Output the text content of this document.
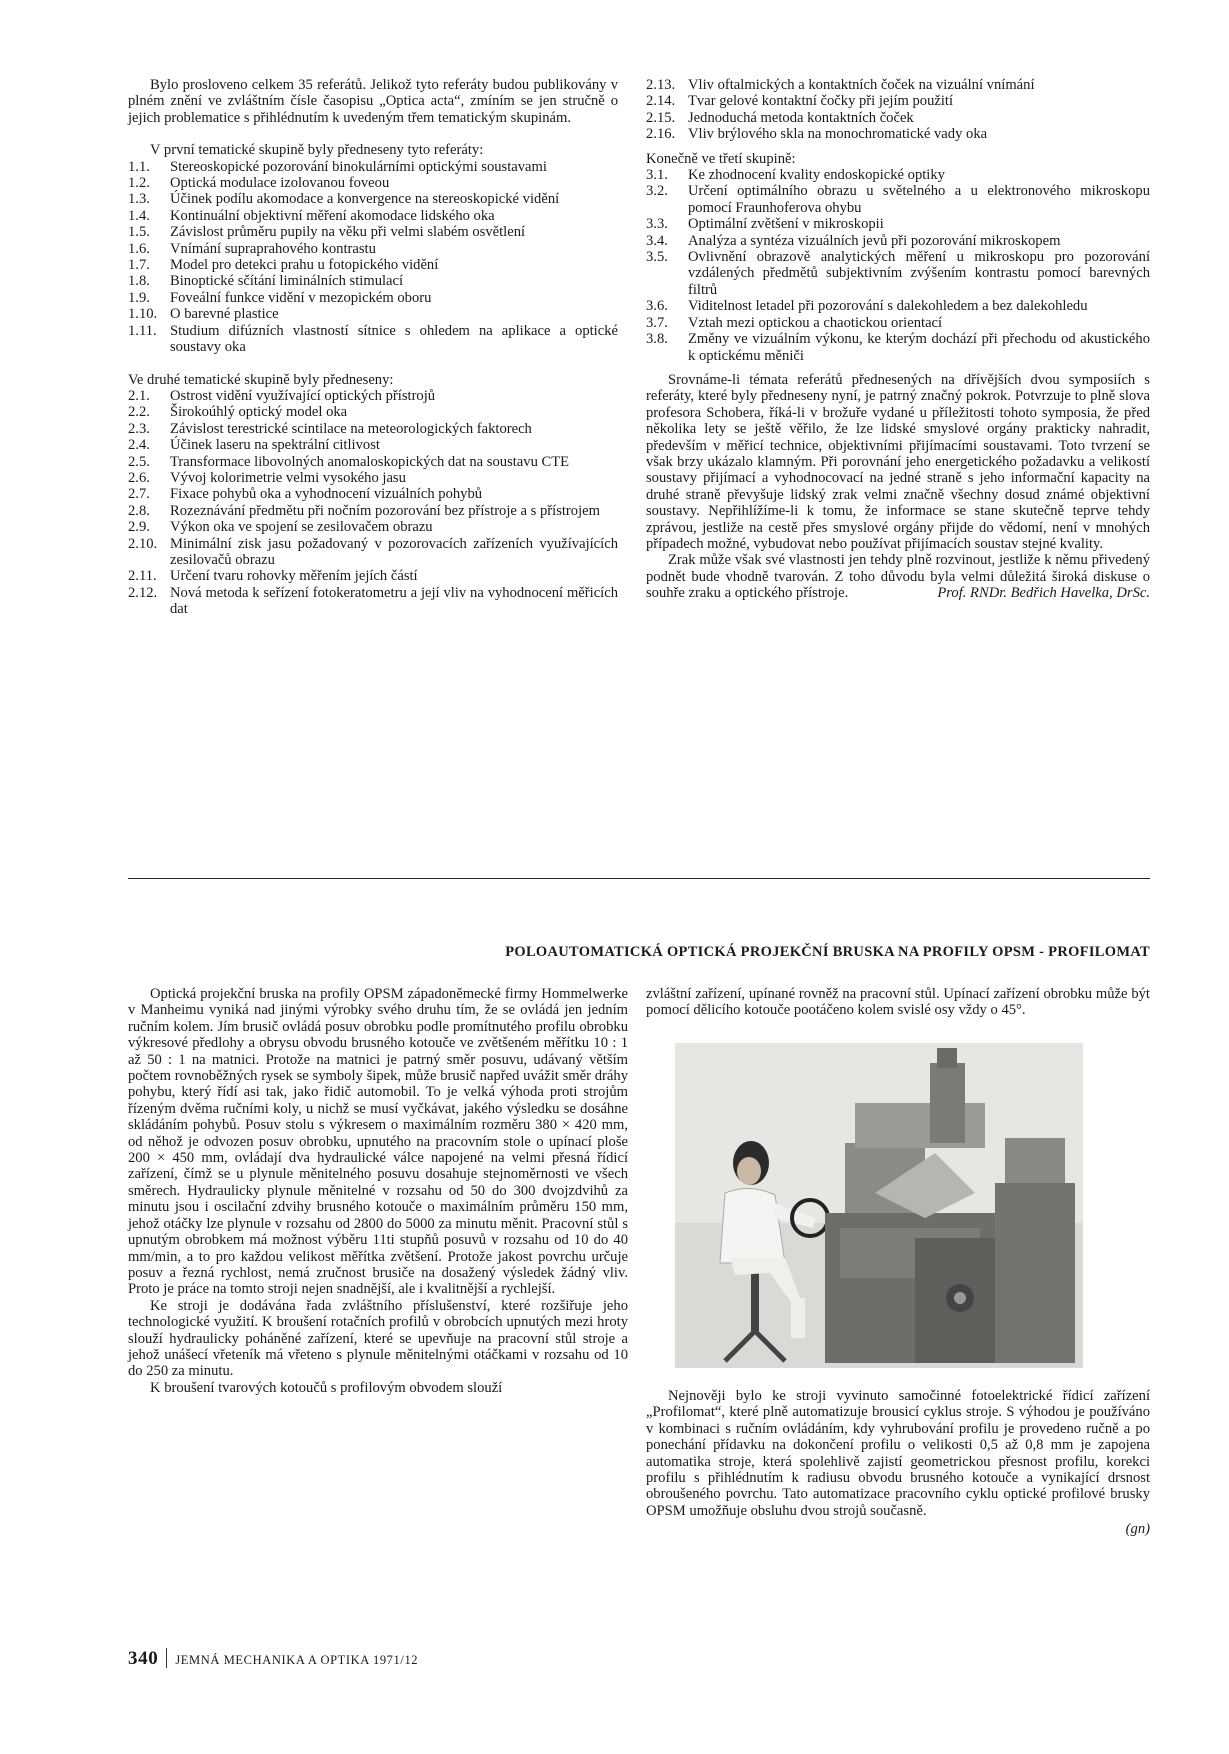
Bylo prosloveno celkem 35 referátů. Jelikož tyto referáty budou publikovány v plném znění ve zvláštním čísle časopisu „Optica acta“, zmíním se jen stručně o jejich problematice s přihlédnutím k uvedeným třem tematickým skupinám.

V první tematické skupině byly předneseny tyto referáty:

1.1.	Stereoskopické pozorování binokulárními optickými soustavami
1.2.	Optická modulace izolovanou foveou
1.3.	Účinek podílu akomodace a konvergence na stereoskopické vidění
1.4.	Kontinuální objektivní měření akomodace lidského oka
1.5.	Závislost průměru pupily na věku při velmi slabém osvětlení
1.6.	Vnímání supraprahového kontrastu
1.7.	Model pro detekci prahu u fotopického vidění
1.8.	Binoptické sčítání liminálních stimulací
1.9.	Foveální funkce vidění v mezopickém oboru
1.10. O barevné plastice
1.11. Studium difúzních vlastností sítnice s ohledem na aplikace a optické soustavy oka

Ve druhé tematické skupině byly předneseny:

2.1.	Ostrost vidění využívající optických přístrojů
2.2.	Širokoúhlý optický model oka
2.3.	Závislost terestrické scintilace na meteorologických faktorech
2.4.	Účinek laseru na spektrální citlivost
2.5.	Transformace libovolných anomaloskopických dat na soustavu CTE
2.6.	Vývoj kolorimetrie velmi vysokého jasu
2.7.	Fixace pohybů oka a vyhodnocení vizuálních pohybů
2.8.	Rozeznávání předmětu při nočním pozorování bez přístroje a s přístrojem
2.9.	Výkon oka ve spojení se zesilovačem obrazu
2.10. Minimální zisk jasu požadovaný v pozorovacích zařízeních využívajících zesilovačů obrazu
2.11. Určení tvaru rohovky měřením jejích částí
2.12. Nová metoda k seřízení fotokeratometru a její vliv na vyhodnocení měřicích dat
2.13. Vliv oftalmických a kontaktních čoček na vizuální vnímání
2.14. Tvar gelové kontaktní čočky při jejím použití
2.15. Jednoduchá metoda kontaktních čoček
2.16. Vliv brýlového skla na monochromatické vady oka

Konečně ve třetí skupině:

3.1.	Ke zhodnocení kvality endoskopické optiky
3.2.	Určení optimálního obrazu u světelného a u elektronového mikroskopu pomocí Fraunhoferova ohybu
3.3.	Optimální zvětšení v mikroskopii
3.4.	Analýza a syntéza vizuálních jevů při pozorování mikroskopem
3.5.	Ovlivnění obrazově analytických měření u mikroskopu pro pozorování vzdálených předmětů subjektivním zvýšením kontrastu pomocí barevných filtrů
3.6.	Viditelnost letadel při pozorování s dalekohledem a bez dalekohledu
3.7.	Vztah mezi optickou a chaotickou orientací
3.8.	Změny ve vizuálním výkonu, ke kterým dochází při přechodu od akustického k optickému měniči

Srovnáme-li témata referátů přednesených na dřívějších dvou symposiích s referáty, které byly předneseny nyní, je patrný značný pokrok. Potvrzuje to plně slova profesora Schobera, říká-li v brožuře vydané u příležitosti tohoto symposia, že před několika lety se ještě věřilo, že lze lidské smyslové orgány prakticky nahradit, především v měřicí technice, objektivními přijímacími soustavami. Toto tvrzení se však brzy ukázalo klamným. Při porovnání jeho energetického požadavku a velikostí soustavy přijímací a vyhodnocovací na jedné straně s jeho informační kapacity na druhé straně převyšuje lidský zrak velmi značně všechny dosud známé objektivní soustavy. Nepřihlížíme-li k tomu, že informace se stane skutečně teprve tehdy zprávou, jestliže na cestě přes smyslové orgány přijde do vědomí, není v mnohých případech možné, vybudovat nebo používat přijímacích soustav stejné kvality.

Zrak může však své vlastnosti jen tehdy plně rozvinout, jestliže k němu přivedený podnět bude vhodně tvarován. Z toho důvodu byla velmi důležitá široká diskuse o souhře zraku a optického přístroje.	Prof. RNDr. Bedřich Havelka, DrSc.

POLOAUTOMATICKÁ OPTICKÁ PROJEKČNÍ BRUSKA NA PROFILY OPSM - PROFILOMAT

Optická projekční bruska na profily OPSM západoněmecké firmy Hommelwerke v Manheimu vyniká nad jinými výrobky svého druhu tím, že se ovládá jen jedním ručním kolem. Jím brusič ovládá posuv obrobku podle promítnutého profilu obrobku výkresové předlohy a obrysu obvodu brusného kotouče ve zvětšeném měřítku 10 : 1 až 50 : 1 na matnici. Protože na matnici je patrný směr posuvu, udávaný větším počtem rovnoběžných rysek se symboly šipek, může brusič napřed uvážit směr dráhy pohybu, který řídí asi tak, jako řidič automobil. To je velká výhoda proti strojům řízeným dvěma ručními koly, u nichž se musí vyčkávat, jakého výsledku se dosáhne skládáním pohybů. Posuv stolu s výkresem o maximálním rozměru 380 × 420 mm, od něhož je odvozen posuv obrobku, upnutého na pracovním stole o upínací ploše 200 × 450 mm, ovládají dva hydraulické válce napojené na velmi přesná řídicí zařízení, čímž se u plynule měnitelného posuvu dosahuje stejnoměrnosti ve všech směrech. Hydraulicky plynule měnitelné v rozsahu od 50 do 300 dvojzdvihů za minutu jsou i oscilační zdvihy brusného kotouče o maximálním průměru 150 mm, jehož otáčky lze plynule v rozsahu od 2800 do 5000 za minutu měnit. Pracovní stůl s upnutým obrobkem má možnost výběru 11ti stupňů posuvů v rozsahu od 10 do 40 mm/min, a to pro každou velikost měřítka zvětšení. Protože jakost povrchu určuje posuv a řezná rychlost, nemá zručnost brusiče na dosažený výsledek žádný vliv. Proto je práce na tomto stroji nejen snadnější, ale i kvalitnější a rychlejší.

Ke stroji je dodávána řada zvláštního příslušenství, které rozšiřuje jeho technologické využití. K broušení rotačních profilů v obrobcích upnutých mezi hroty slouží hydraulicky poháněné zařízení, které se upevňuje na pracovní stůl stroje a jehož unášecí vřeteník má vřeteno s plynule měnitelnými otáčkami v rozsahu od 10 do 250 za minutu.

K broušení tvarových kotoučů s profilovým obvodem slouží

zvláštní zařízení, upínané rovněž na pracovní stůl. Upínací zařízení obrobku může být pomocí dělicího kotouče pootáčeno kolem svislé osy vždy o 45°.

Nejnověji bylo ke stroji vyvinuto samočinné fotoelektrické řídicí zařízení „Profilomat“, které plně automatizuje brousicí cyklus stroje. S výhodou je používáno v kombinaci s ručním ovládáním, kdy vyhrubování profilu je provedeno ručně a po ponechání přídavku na dokončení profilu o velikosti 0,5 až 0,8 mm je zapojena automatika stroje, která spolehlivě zajistí geometrickou přesnost profilu, korekci profilu s přihlédnutím k radiusu obvodu brusného kotouče a vynikající drsnost obroušeného povrchu. Tato automatizace pracovního cyklu optické profilové brusky OPSM umožňuje obsluhu dvou strojů současně.

(gn)

340 JEMNÁ MECHANIKA A OPTIKA 1971/12
